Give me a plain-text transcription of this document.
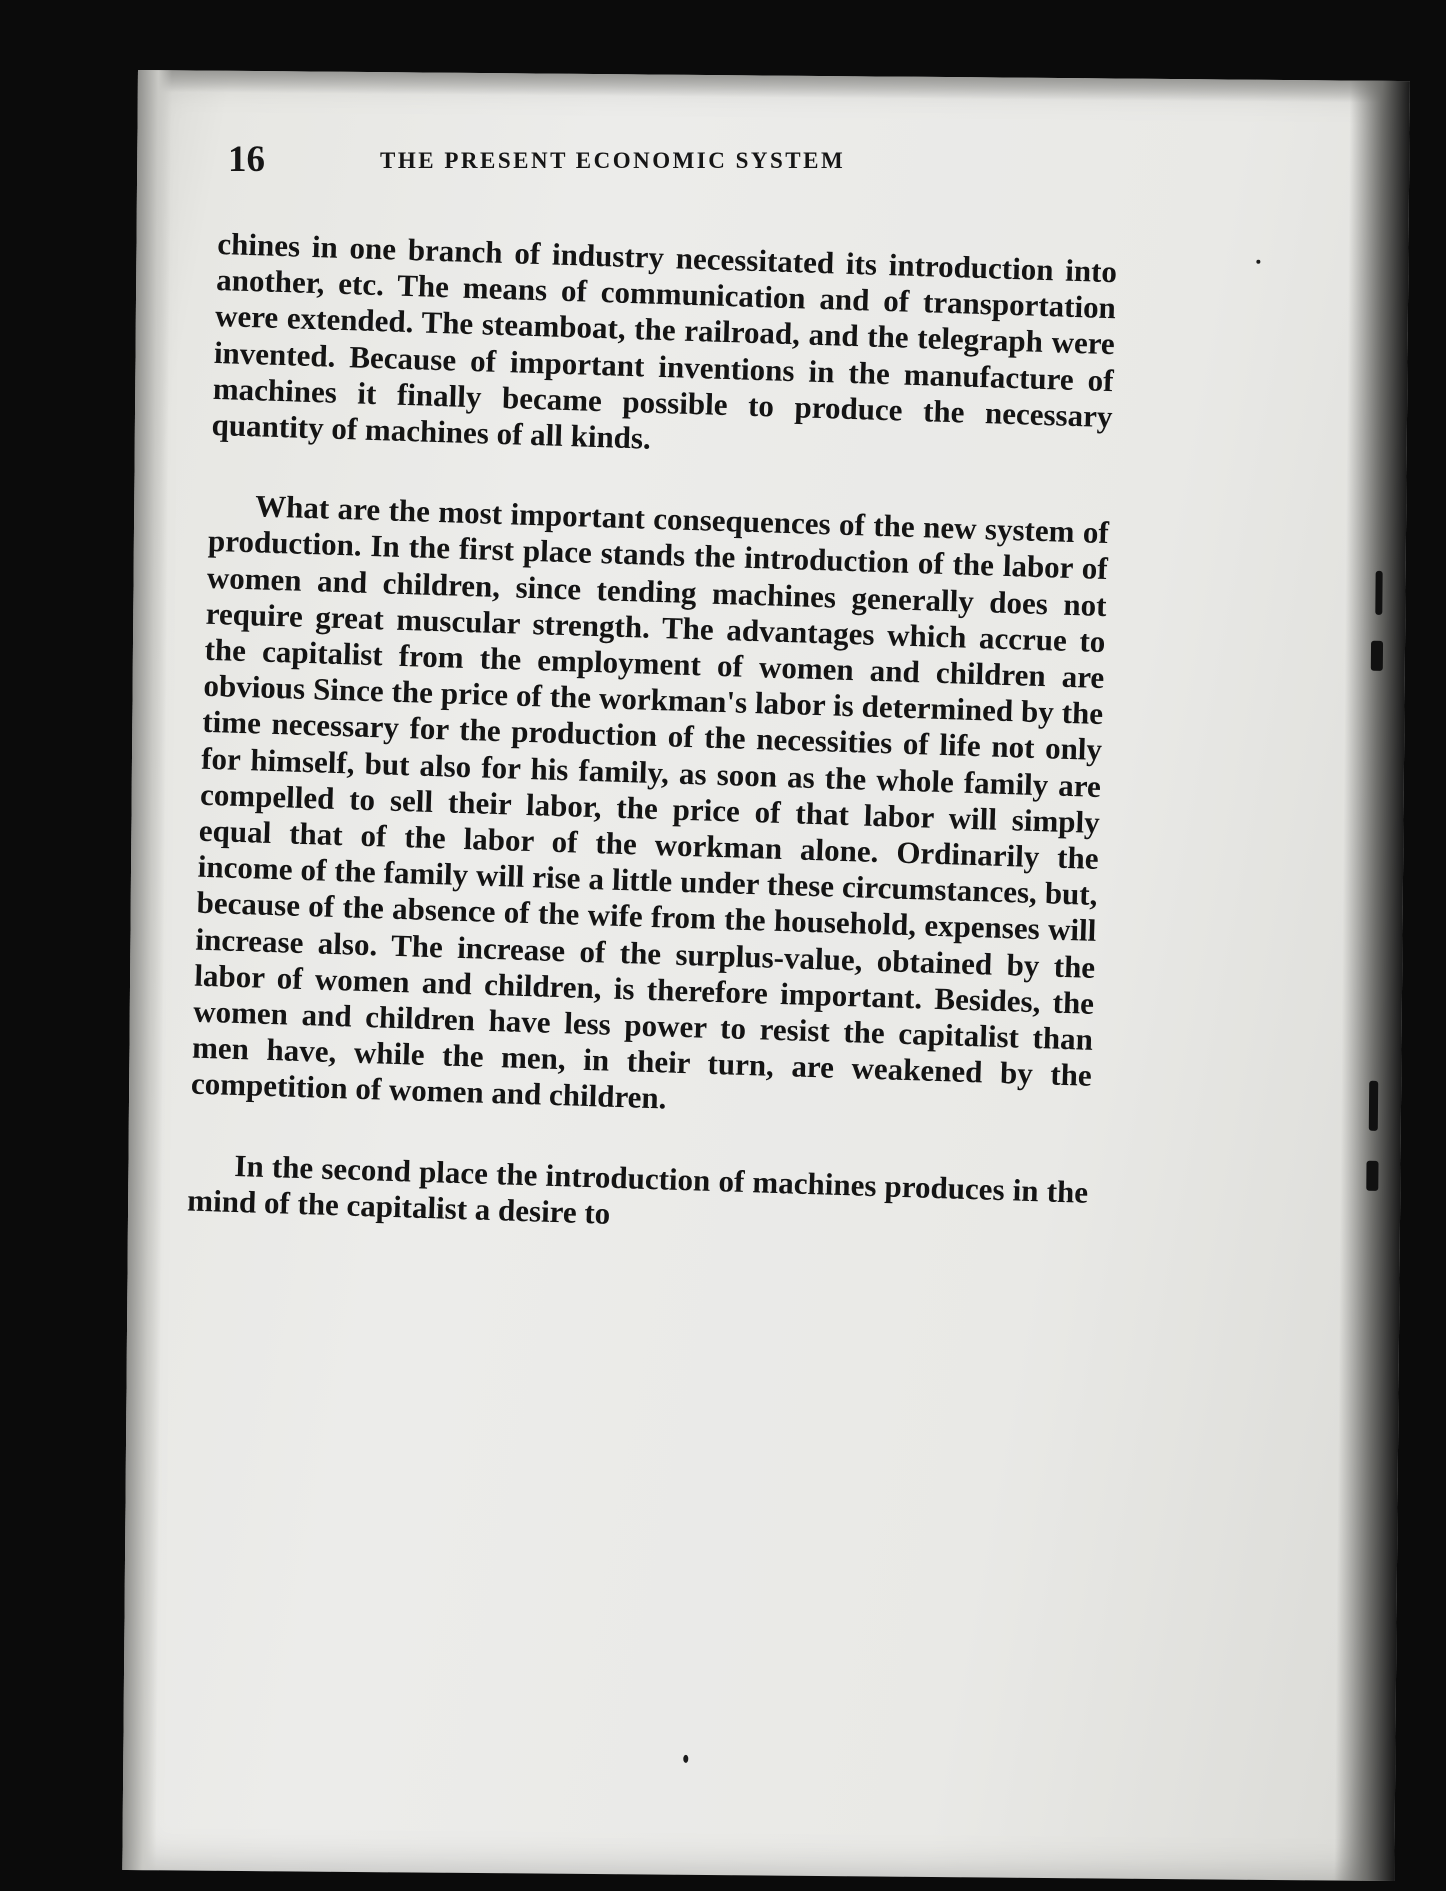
16	THE PRESENT ECONOMIC SYSTEM

chines in one branch of industry necessitated its introduction into another, etc. The means of communication and of transportation were extended. The steamboat, the railroad, and the telegraph were invented. Because of important inventions in the manufacture of machines it finally became possible to produce the necessary quantity of machines of all kinds.

What are the most important consequences of the new system of production. In the first place stands the introduction of the labor of women and children, since tending machines generally does not require great muscular strength. The advantages which accrue to the capitalist from the employment of women and children are obvious Since the price of the workman's labor is determined by the time necessary for the production of the necessities of life not only for himself, but also for his family, as soon as the whole family are compelled to sell their labor, the price of that labor will simply equal that of the labor of the workman alone. Ordinarily the income of the family will rise a little under these circumstances, but, because of the absence of the wife from the household, expenses will increase also. The increase of the surplus-value, obtained by the labor of women and children, is therefore important. Besides, the women and children have less power to resist the capitalist than men have, while the men, in their turn, are weakened by the competition of women and children.

In the second place the introduction of machines produces in the mind of the capitalist a desire to
